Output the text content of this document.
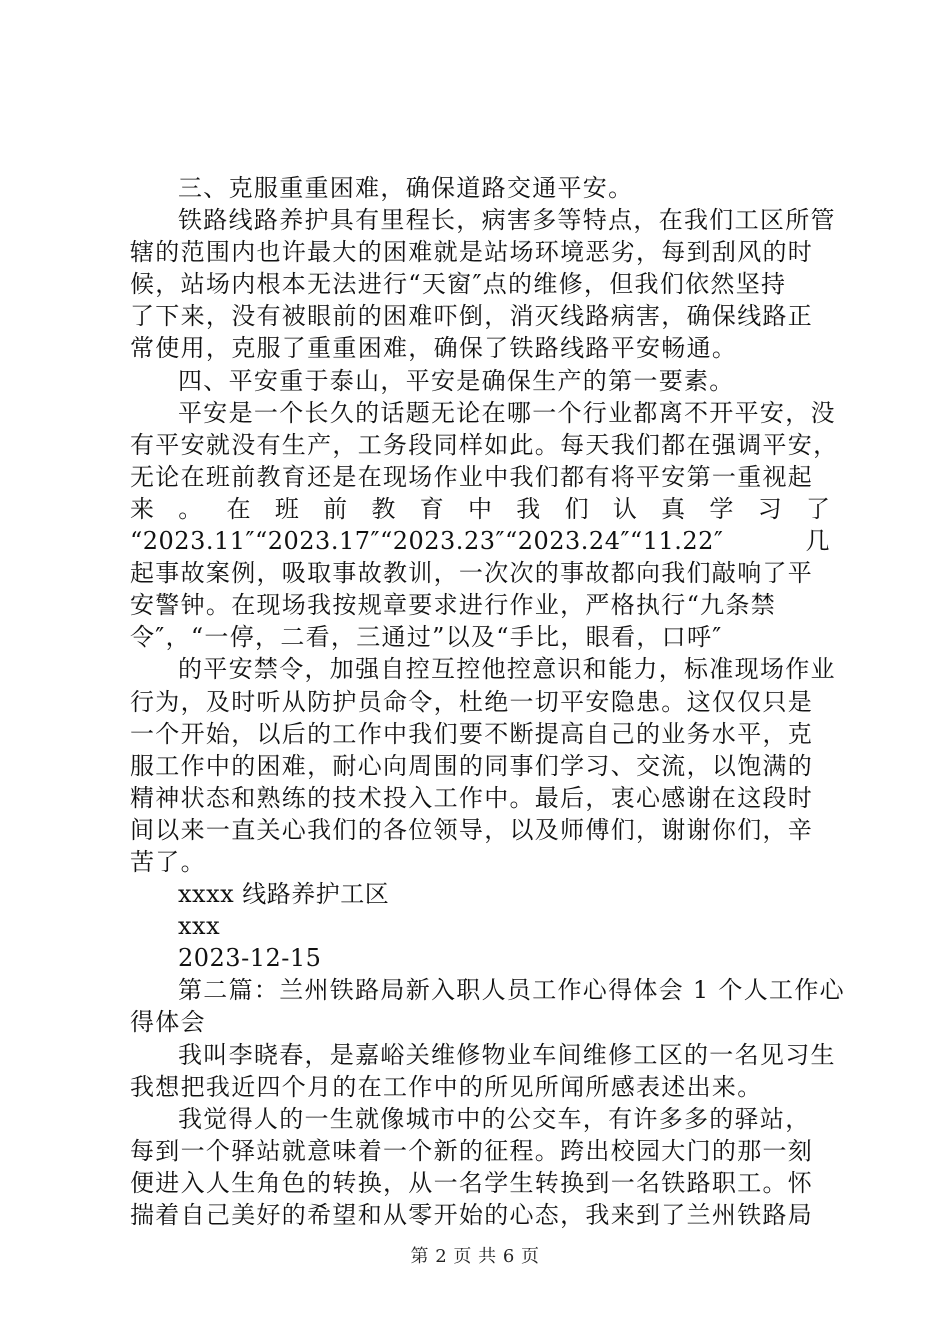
三、克服重重困难，确保道路交通平安。
铁路线路养护具有里程长，病害多等特点，在我们工区所管
辖的范围内也许最大的困难就是站场环境恶劣，每到刮风的时
候，站场内根本无法进行“天窗″点的维修，但我们依然坚持
了下来，没有被眼前的困难吓倒，消灭线路病害，确保线路正
常使用，克服了重重困难，确保了铁路线路平安畅通。
四、平安重于泰山，平安是确保生产的第一要素。
平安是一个长久的话题无论在哪一个行业都离不开平安，没
有平安就没有生产，工务段同样如此。每天我们都在强调平安，
无论在班前教育还是在现场作业中我们都有将平安第一重视起
来 。 在 班 前 教 育 中 我 们 认 真 学 习 了
“2023.11″“2023.17″“2023.23″“2023.24″“11.22″几
起事故案例，吸取事故教训，一次次的事故都向我们敲响了平
安警钟。在现场我按规章要求进行作业，严格执行“九条禁
令″，“一停，二看，三通过”以及“手比，眼看，口呼″
的平安禁令，加强自控互控他控意识和能力，标准现场作业
行为，及时听从防护员命令，杜绝一切平安隐患。这仅仅只是
一个开始，以后的工作中我们要不断提高自己的业务水平，克
服工作中的困难，耐心向周围的同事们学习、交流，以饱满的
精神状态和熟练的技术投入工作中。最后，衷心感谢在这段时
间以来一直关心我们的各位领导，以及师傅们，谢谢你们，辛
苦了。
xxxx 线路养护工区
xxx
2023-12-15
第二篇：兰州铁路局新入职人员工作心得体会 1 个人工作心
得体会
我叫李晓春，是嘉峪关维修物业车间维修工区的一名见习生
我想把我近四个月的在工作中的所见所闻所感表述出来。
我觉得人的一生就像城市中的公交车，有许多多的驿站，
每到一个驿站就意味着一个新的征程。跨出校园大门的那一刻
便进入人生角色的转换，从一名学生转换到一名铁路职工。怀
揣着自己美好的希望和从零开始的心态，我来到了兰州铁路局
第 2 页 共 6 页
